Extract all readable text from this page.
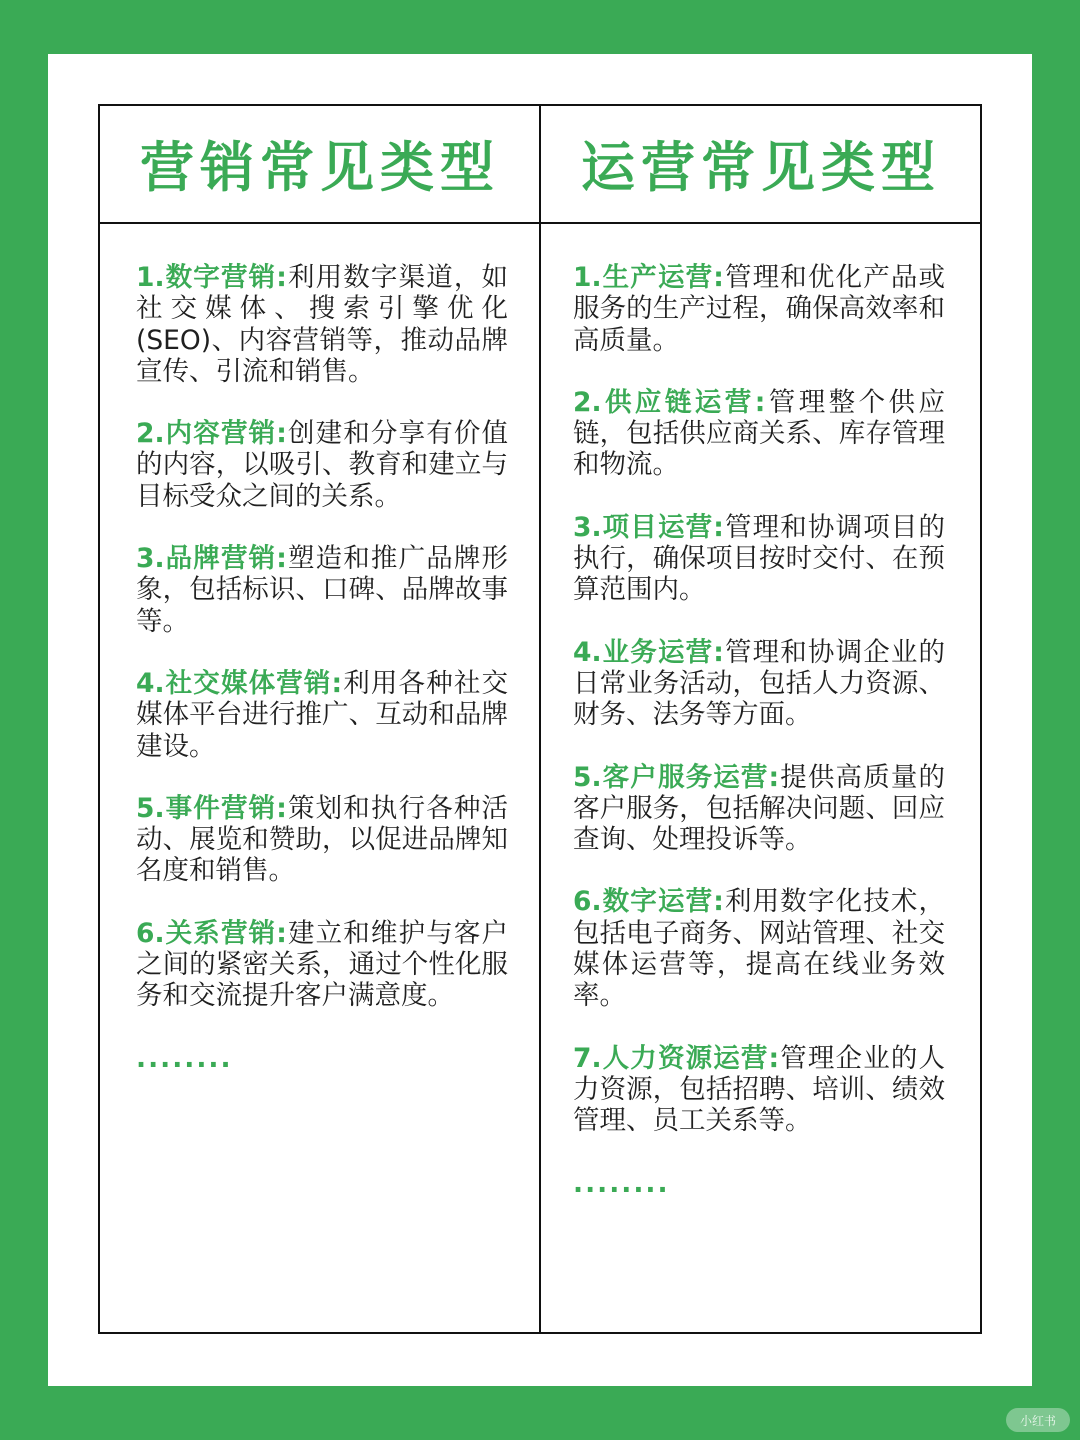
营销常见类型	运营常见类型
1.数字营销:利用数字渠道，如社交媒体、搜索引擎优化(SEO)、内容营销等，推动品牌宣传、引流和销售。
2.内容营销:创建和分享有价值的内容，以吸引、教育和建立与目标受众之间的关系。
3.品牌营销:塑造和推广品牌形象，包括标识、口碑、品牌故事等。
4.社交媒体营销:利用各种社交媒体平台进行推广、互动和品牌建设。
5.事件营销:策划和执行各种活动、展览和赞助，以促进品牌知名度和销售。
6.关系营销:建立和维护与客户之间的紧密关系，通过个性化服务和交流提升客户满意度。
........
1.生产运营:管理和优化产品或服务的生产过程，确保高效率和高质量。
2.供应链运营:管理整个供应链，包括供应商关系、库存管理和物流。
3.项目运营:管理和协调项目的执行，确保项目按时交付、在预算范围内。
4.业务运营:管理和协调企业的日常业务活动，包括人力资源、财务、法务等方面。
5.客户服务运营:提供高质量的客户服务，包括解决问题、回应查询、处理投诉等。
6.数字运营:利用数字化技术，包括电子商务、网站管理、社交媒体运营等，提高在线业务效率。
7.人力资源运营:管理企业的人力资源，包括招聘、培训、绩效管理、员工关系等。
........
小红书
